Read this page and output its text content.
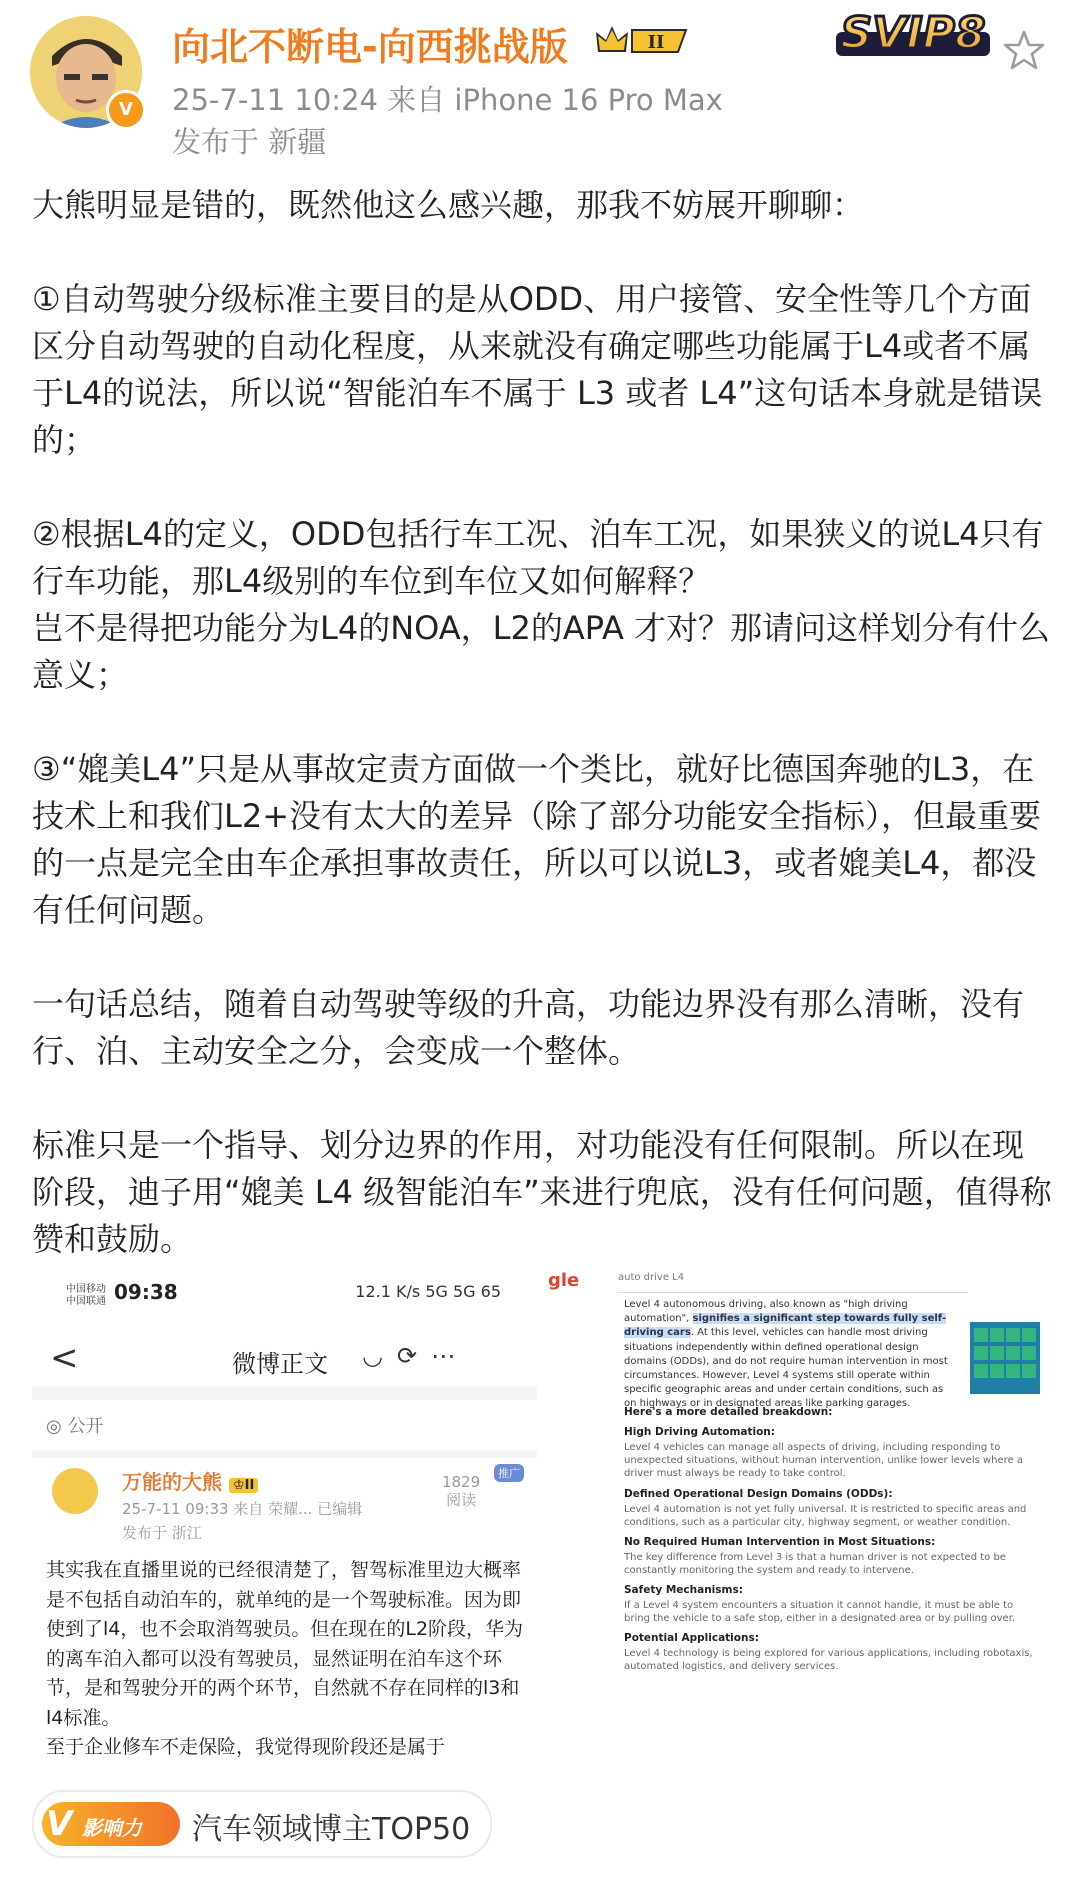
V
向北不断电-向西挑战版	II
25-7-11 10:24 来自 iPhone 16 Pro Max
发布于 新疆
SVIP8

大熊明显是错的，既然他这么感兴趣，那我不妨展开聊聊：

①自动驾驶分级标准主要目的是从ODD、用户接管、安全性等几个方面区分自动驾驶的自动化程度，从来就没有确定哪些功能属于L4或者不属于L4的说法，所以说“智能泊车不属于 L3 或者 L4”这句话本身就是错误的；

②根据L4的定义，ODD包括行车工况、泊车工况，如果狭义的说L4只有行车功能，那L4级别的车位到车位又如何解释？
岂不是得把功能分为L4的NOA，L2的APA 才对？那请问这样划分有什么意义；

③“媲美L4”只是从事故定责方面做一个类比，就好比德国奔驰的L3，在技术上和我们L2+没有太大的差异（除了部分功能安全指标），但最重要的一点是完全由车企承担事故责任，所以可以说L3，或者媲美L4，都没有任何问题。

一句话总结，随着自动驾驶等级的升高，功能边界没有那么清晰，没有行、泊、主动安全之分，会变成一个整体。

标准只是一个指导、划分边界的作用，对功能没有任何限制。所以在现阶段，迪子用“媲美 L4 级智能泊车”来进行兜底，没有任何问题，值得称赞和鼓励。

中国移动
中国联通 09:38	12.1 K/s 5G 5G 65
<	微博正文 ◡⟳⋯
◎ 公开
万能的大熊 ♔II
25-7-11 09:33 来自 荣耀... 已编辑
发布于 浙江
1829
阅读
推广

其实我在直播里说的已经很清楚了，智驾标准里边大概率是不包括自动泊车的，就单纯的是一个驾驶标准。因为即使到了l4，也不会取消驾驶员。但在现在的L2阶段，华为的离车泊入都可以没有驾驶员，显然证明在泊车这个环节，是和驾驶分开的两个环节，自然就不存在同样的l3和l4标准。
至于企业修车不走保险，我觉得现阶段还是属于

gle	auto drive L4
Level 4 autonomous driving, also known as "high driving automation", signifies a significant step towards fully self-driving cars. At this level, vehicles can handle most driving situations independently within defined operational design domains (ODDs), and do not require human intervention in most circumstances. However, Level 4 systems still operate within specific geographic areas and under certain conditions, such as on highways or in designated areas like parking garages.
Here's a more detailed breakdown:
High Driving Automation:
Level 4 vehicles can manage all aspects of driving, including responding to unexpected situations, without human intervention, unlike lower levels where a driver must always be ready to take control.
Defined Operational Design Domains (ODDs):
Level 4 automation is not yet fully universal. It is restricted to specific areas and conditions, such as a particular city, highway segment, or weather condition.
No Required Human Intervention in Most Situations:
The key difference from Level 3 is that a human driver is not expected to be constantly monitoring the system and ready to intervene.
Safety Mechanisms:
If a Level 4 system encounters a situation it cannot handle, it must be able to bring the vehicle to a safe stop, either in a designated area or by pulling over.
Potential Applications:
Level 4 technology is being explored for various applications, including robotaxis, automated logistics, and delivery services.
V 影响力 汽车领域博主TOP50
